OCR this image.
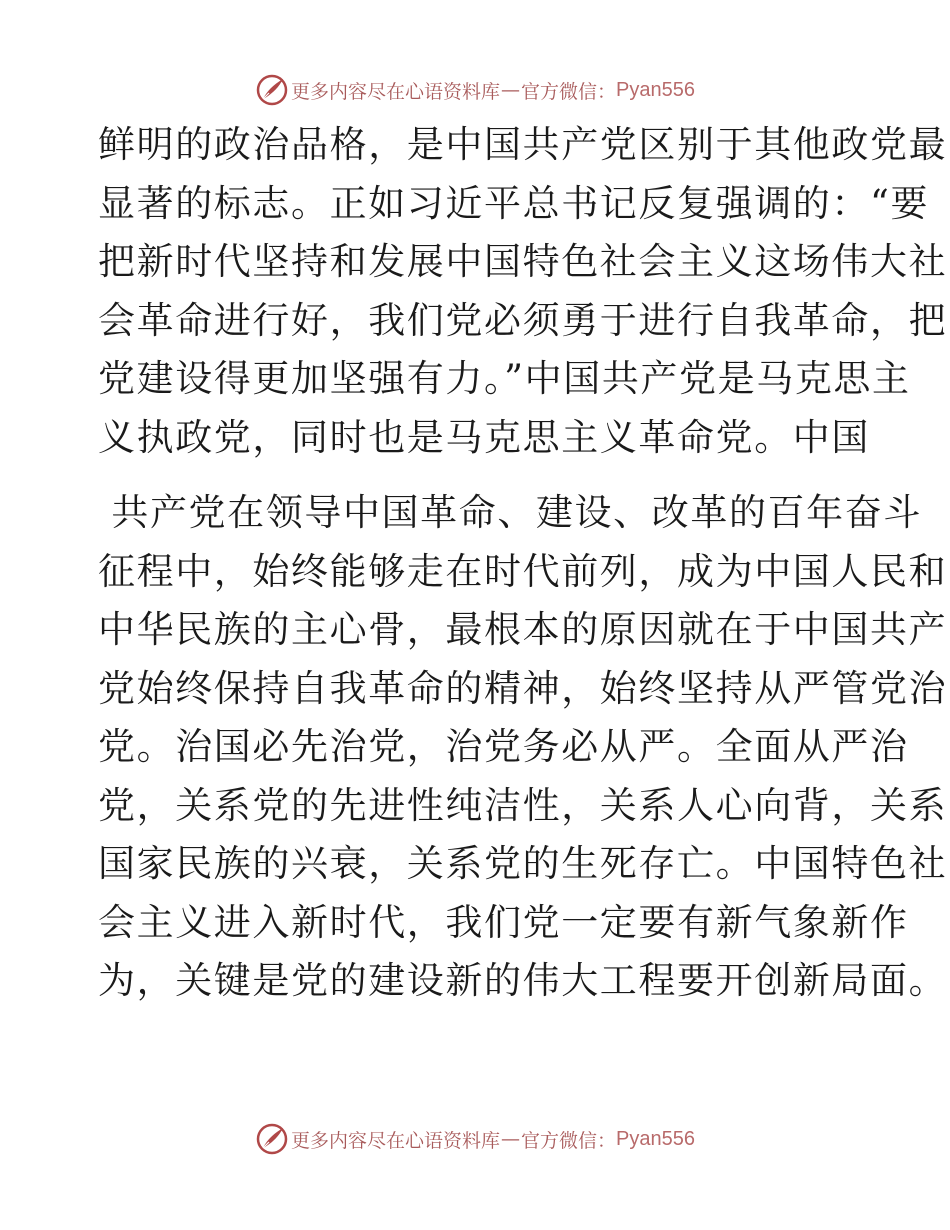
更多内容尽在心语资料库 — 官方微信： Pyan556
鲜明的政治品格，是中国共产党区别于其他政党最
显著的标志。正如习近平总书记反复强调的：“要
把新时代坚持和发展中国特色社会主义这场伟大社
会革命进行好，我们党必须勇于进行自我革命，把
党建设得更加坚强有力。”中国共产党是马克思主
义执政党，同时也是马克思主义革命党。中国
共产党在领导中国革命、建设、改革的百年奋斗
征程中，始终能够走在时代前列，成为中国人民和
中华民族的主心骨，最根本的原因就在于中国共产
党始终保持自我革命的精神，始终坚持从严管党治
党。治国必先治党，治党务必从严。全面从严治
党，关系党的先进性纯洁性，关系人心向背，关系
国家民族的兴衰，关系党的生死存亡。中国特色社
会主义进入新时代，我们党一定要有新气象新作
为，关键是党的建设新的伟大工程要开创新局面。
更多内容尽在心语资料库 — 官方微信： Pyan556
